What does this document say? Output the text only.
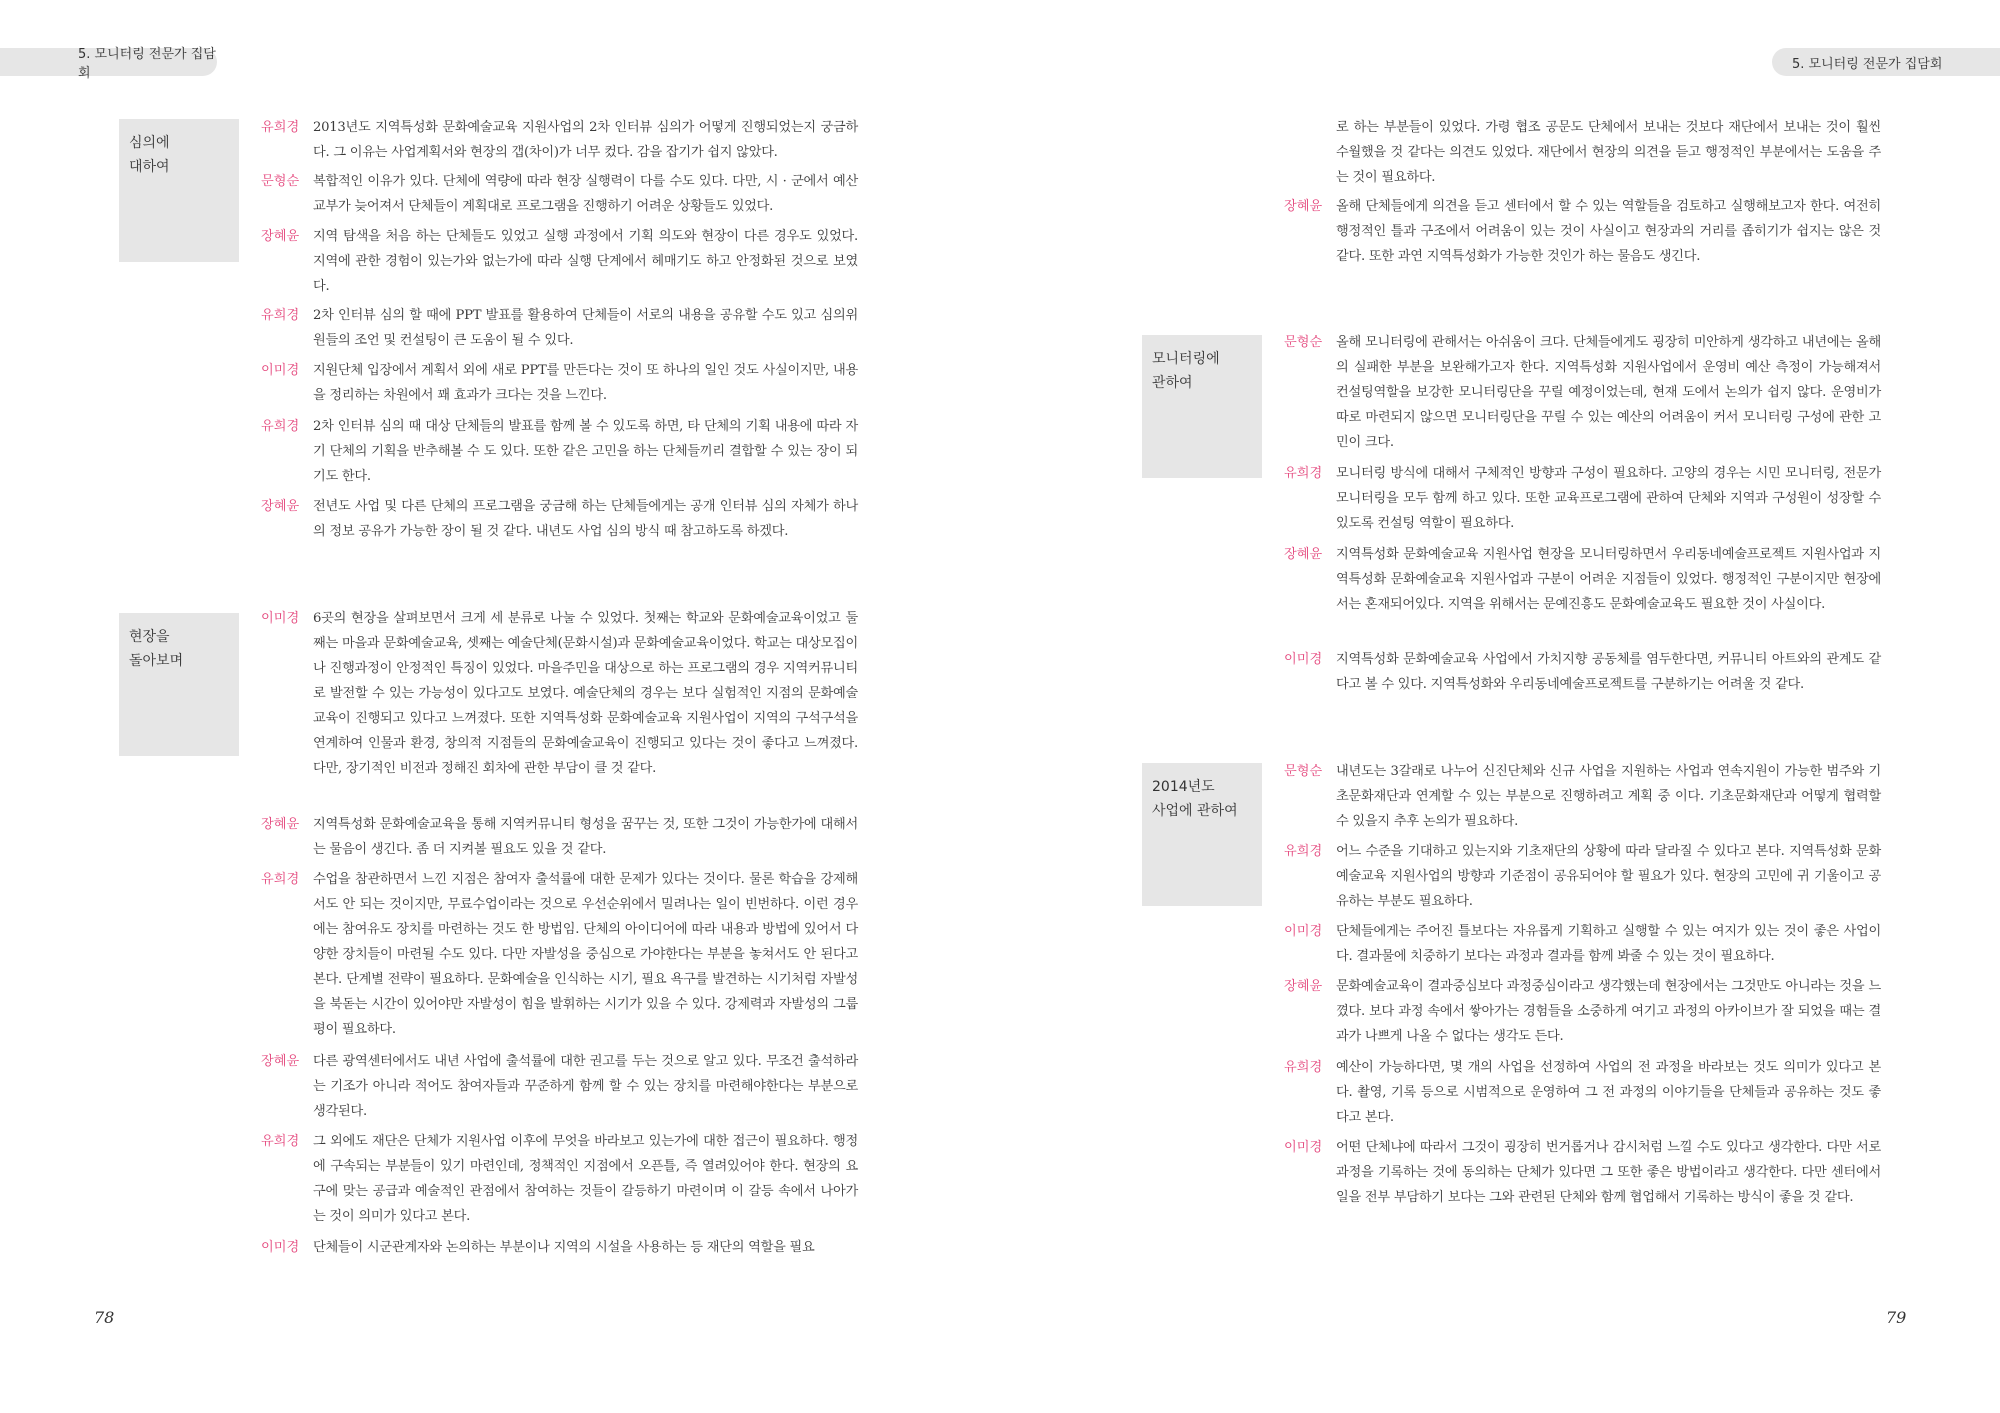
5. 모니터링 전문가 집담회
5. 모니터링 전문가 집담회
심의에
대하여
현장을
돌아보며
유희경	2013년도 지역특성화 문화예술교육 지원사업의 2차 인터뷰 심의가 어떻게 진행되었는지 궁금하다. 그 이유는 사업계획서와 현장의 갭(차이)가 너무 컸다. 감을 잡기가 쉽지 않았다.
문형순	복합적인 이유가 있다. 단체에 역량에 따라 현장 실행력이 다를 수도 있다. 다만, 시 · 군에서 예산교부가 늦어져서 단체들이 계획대로 프로그램을 진행하기 어려운 상황들도 있었다.
장혜윤	지역 탐색을 처음 하는 단체들도 있었고 실행 과정에서 기획 의도와 현장이 다른 경우도 있었다. 지역에 관한 경험이 있는가와 없는가에 따라 실행 단계에서 헤매기도 하고 안정화된 것으로 보였다.
유희경	2차 인터뷰 심의 할 때에 PPT 발표를 활용하여 단체들이 서로의 내용을 공유할 수도 있고 심의위원들의 조언 및 컨설팅이 큰 도움이 될 수 있다.
이미경	지원단체 입장에서 계획서 외에 새로 PPT를 만든다는 것이 또 하나의 일인 것도 사실이지만, 내용을 정리하는 차원에서 꽤 효과가 크다는 것을 느낀다.
유희경	2차 인터뷰 심의 때 대상 단체들의 발표를 함께 볼 수 있도록 하면, 타 단체의 기획 내용에 따라 자기 단체의 기획을 반추해볼 수 도 있다. 또한 같은 고민을 하는 단체들끼리 결합할 수 있는 장이 되기도 한다.
장혜윤	전년도 사업 및 다른 단체의 프로그램을 궁금해 하는 단체들에게는 공개 인터뷰 심의 자체가 하나의 정보 공유가 가능한 장이 될 것 같다. 내년도 사업 심의 방식 때 참고하도록 하겠다.
이미경	6곳의 현장을 살펴보면서 크게 세 분류로 나눌 수 있었다. 첫째는 학교와 문화예술교육이었고 둘째는 마을과 문화예술교육, 셋째는 예술단체(문화시설)과 문화예술교육이었다. 학교는 대상모집이나 진행과정이 안정적인 특징이 있었다. 마을주민을 대상으로 하는 프로그램의 경우 지역커뮤니티로 발전할 수 있는 가능성이 있다고도 보였다. 예술단체의 경우는 보다 실험적인 지점의 문화예술교육이 진행되고 있다고 느껴졌다. 또한 지역특성화 문화예술교육 지원사업이 지역의 구석구석을 연계하여 인물과 환경, 창의적 지점들의 문화예술교육이 진행되고 있다는 것이 좋다고 느껴졌다. 다만, 장기적인 비전과 정해진 회차에 관한 부담이 클 것 같다.
장혜윤	지역특성화 문화예술교육을 통해 지역커뮤니티 형성을 꿈꾸는 것, 또한 그것이 가능한가에 대해서는 물음이 생긴다. 좀 더 지켜볼 필요도 있을 것 같다.
유희경	수업을 참관하면서 느낀 지점은 참여자 출석률에 대한 문제가 있다는 것이다. 물론 학습을 강제해서도 안 되는 것이지만, 무료수업이라는 것으로 우선순위에서 밀려나는 일이 빈번하다. 이런 경우에는 참여유도 장치를 마련하는 것도 한 방법임. 단체의 아이디어에 따라 내용과 방법에 있어서 다양한 장치들이 마련될 수도 있다. 다만 자발성을 중심으로 가야한다는 부분을 놓쳐서도 안 된다고 본다. 단계별 전략이 필요하다. 문화예술을 인식하는 시기, 필요 욕구를 발견하는 시기처럼 자발성을 북돋는 시간이 있어야만 자발성이 힘을 발휘하는 시기가 있을 수 있다. 강제력과 자발성의 그룹 평이 필요하다.
장혜윤	다른 광역센터에서도 내년 사업에 출석률에 대한 권고를 두는 것으로 알고 있다. 무조건 출석하라는 기조가 아니라 적어도 참여자들과 꾸준하게 함께 할 수 있는 장치를 마련해야한다는 부분으로 생각된다.
유희경	그 외에도 재단은 단체가 지원사업 이후에 무엇을 바라보고 있는가에 대한 접근이 필요하다. 행정에 구속되는 부분들이 있기 마련인데, 정책적인 지점에서 오픈틀, 즉 열려있어야 한다. 현장의 요구에 맞는 공급과 예술적인 관점에서 참여하는 것들이 갈등하기 마련이며 이 갈등 속에서 나아가는 것이 의미가 있다고 본다.
이미경	단체들이 시군관계자와 논의하는 부분이나 지역의 시설을 사용하는 등 재단의 역할을 필요
78
모니터링에
관하여
2014년도
사업에 관하여
로 하는 부분들이 있었다. 가령 협조 공문도 단체에서 보내는 것보다 재단에서 보내는 것이 훨씬 수월했을 것 같다는 의견도 있었다. 재단에서 현장의 의견을 듣고 행정적인 부분에서는 도움을 주는 것이 필요하다.
장혜윤	올해 단체들에게 의견을 듣고 센터에서 할 수 있는 역할들을 검토하고 실행해보고자 한다. 여전히 행정적인 틀과 구조에서 어려움이 있는 것이 사실이고 현장과의 거리를 좁히기가 쉽지는 않은 것 같다. 또한 과연 지역특성화가 가능한 것인가 하는 물음도 생긴다.
문형순	올해 모니터링에 관해서는 아쉬움이 크다. 단체들에게도 굉장히 미안하게 생각하고 내년에는 올해의 실패한 부분을 보완해가고자 한다. 지역특성화 지원사업에서 운영비 예산 측정이 가능해져서 컨설팅역할을 보강한 모니터링단을 꾸릴 예정이었는데, 현재 도에서 논의가 쉽지 않다. 운영비가 따로 마련되지 않으면 모니터링단을 꾸릴 수 있는 예산의 어려움이 커서 모니터링 구성에 관한 고민이 크다.
유희경	모니터링 방식에 대해서 구체적인 방향과 구성이 필요하다. 고양의 경우는 시민 모니터링, 전문가 모니터링을 모두 함께 하고 있다. 또한 교육프로그램에 관하여 단체와 지역과 구성원이 성장할 수 있도록 컨설팅 역할이 필요하다.
장혜윤	지역특성화 문화예술교육 지원사업 현장을 모니터링하면서 우리동네예술프로젝트 지원사업과 지역특성화 문화예술교육 지원사업과 구분이 어려운 지점들이 있었다. 행정적인 구분이지만 현장에서는 혼재되어있다. 지역을 위해서는 문예진흥도 문화예술교육도 필요한 것이 사실이다.
이미경	지역특성화 문화예술교육 사업에서 가치지향 공동체를 염두한다면, 커뮤니티 아트와의 관계도 같다고 볼 수 있다. 지역특성화와 우리동네예술프로젝트를 구분하기는 어려울 것 같다.
문형순	내년도는 3갈래로 나누어 신진단체와 신규 사업을 지원하는 사업과 연속지원이 가능한 범주와 기초문화재단과 연계할 수 있는 부분으로 진행하려고 계획 중 이다. 기초문화재단과 어떻게 협력할 수 있을지 추후 논의가 필요하다.
유희경	어느 수준을 기대하고 있는지와 기초재단의 상황에 따라 달라질 수 있다고 본다. 지역특성화 문화예술교육 지원사업의 방향과 기준점이 공유되어야 할 필요가 있다. 현장의 고민에 귀 기울이고 공유하는 부분도 필요하다.
이미경	단체들에게는 주어진 틀보다는 자유롭게 기획하고 실행할 수 있는 여지가 있는 것이 좋은 사업이다. 결과물에 치중하기 보다는 과정과 결과를 함께 봐줄 수 있는 것이 필요하다.
장혜윤	문화예술교육이 결과중심보다 과정중심이라고 생각했는데 현장에서는 그것만도 아니라는 것을 느꼈다. 보다 과정 속에서 쌓아가는 경험들을 소중하게 여기고 과정의 아카이브가 잘 되었을 때는 결과가 나쁘게 나올 수 없다는 생각도 든다.
유희경	예산이 가능하다면, 몇 개의 사업을 선정하여 사업의 전 과정을 바라보는 것도 의미가 있다고 본다. 촬영, 기록 등으로 시범적으로 운영하여 그 전 과정의 이야기들을 단체들과 공유하는 것도 좋다고 본다.
이미경	어떤 단체냐에 따라서 그것이 굉장히 번거롭거나 감시처럼 느낄 수도 있다고 생각한다. 다만 서로 과정을 기록하는 것에 동의하는 단체가 있다면 그 또한 좋은 방법이라고 생각한다. 다만 센터에서 일을 전부 부담하기 보다는 그와 관련된 단체와 함께 협업해서 기록하는 방식이 좋을 것 같다.
79
